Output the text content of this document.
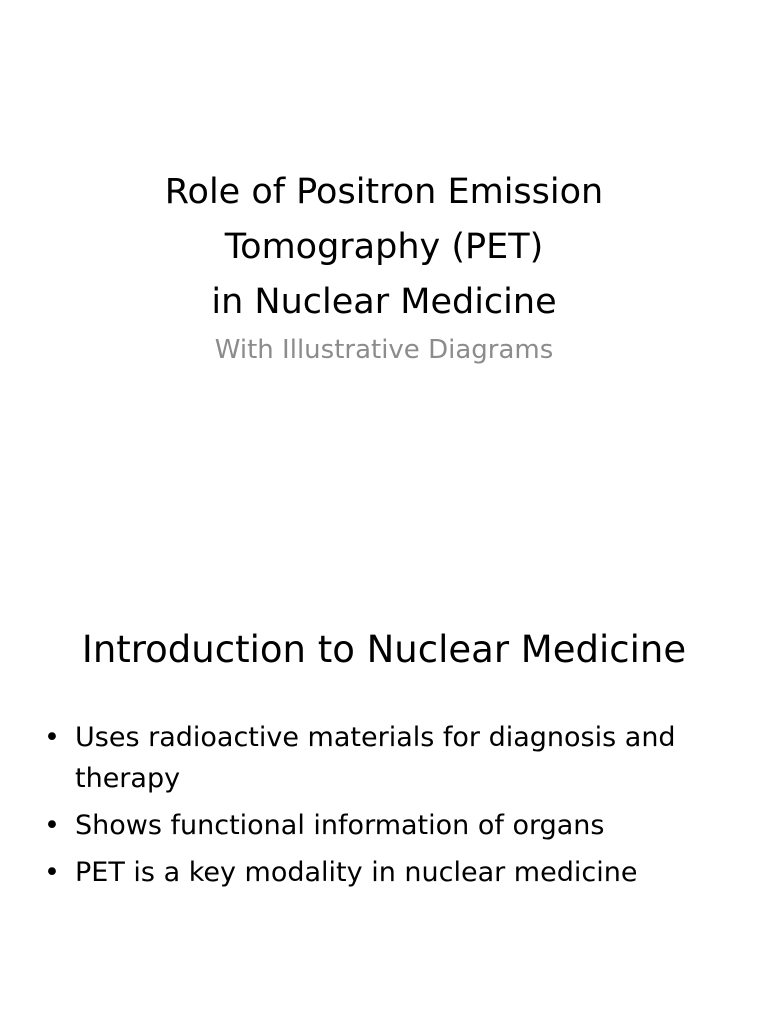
Role of Positron Emission
Tomography (PET)
in Nuclear Medicine
With Illustrative Diagrams
Introduction to Nuclear Medicine
• Uses radioactive materials for diagnosis and therapy
• Shows functional information of organs
• PET is a key modality in nuclear medicine
